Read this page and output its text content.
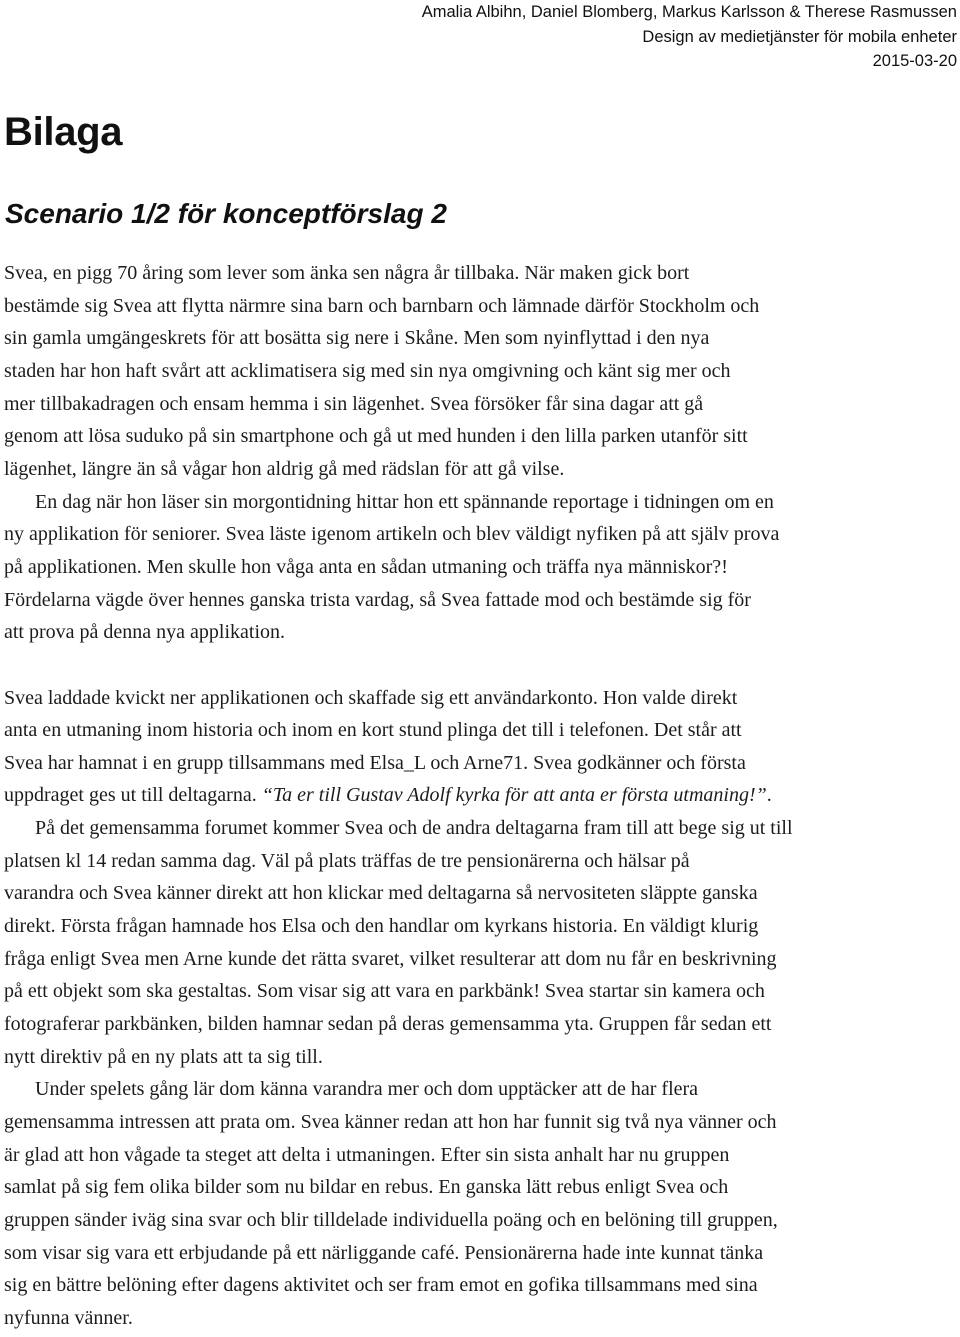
Amalia Albihn, Daniel Blomberg, Markus Karlsson & Therese Rasmussen
Design av medietjänster för mobila enheter
2015-03-20
Bilaga
Scenario 1/2 för konceptförslag 2

Svea, en pigg 70 åring som lever som änka sen några år tillbaka. När maken gick bort

bestämde sig Svea att flytta närmre sina barn och barnbarn och lämnade därför Stockholm och

sin gamla umgängeskrets för att bosätta sig nere i Skåne. Men som nyinflyttad i den nya

staden har hon haft svårt att acklimatisera sig med sin nya omgivning och känt sig mer och

mer tillbakadragen och ensam hemma i sin lägenhet. Svea försöker får sina dagar att gå

genom att lösa suduko på sin smartphone och gå ut med hunden i den lilla parken utanför sitt

lägenhet, längre än så vågar hon aldrig gå med rädslan för att gå vilse.

En dag när hon läser sin morgontidning hittar hon ett spännande reportage i tidningen om en

ny applikation för seniorer. Svea läste igenom artikeln och blev väldigt nyfiken på att själv prova

på applikationen. Men skulle hon våga anta en sådan utmaning och träffa nya människor?!

Fördelarna vägde över hennes ganska trista vardag, så Svea fattade mod och bestämde sig för

att prova på denna nya applikation.

Svea laddade kvickt ner applikationen och skaffade sig ett användarkonto. Hon valde direkt

anta en utmaning inom historia och inom en kort stund plinga det till i telefonen. Det står att

Svea har hamnat i en grupp tillsammans med Elsa_L och Arne71. Svea godkänner och första

uppdraget ges ut till deltagarna. “Ta er till Gustav Adolf kyrka för att anta er första utmaning!”.

På det gemensamma forumet kommer Svea och de andra deltagarna fram till att bege sig ut till

platsen kl 14 redan samma dag. Väl på plats träffas de tre pensionärerna och hälsar på

varandra och Svea känner direkt att hon klickar med deltagarna så nervositeten släppte ganska

direkt. Första frågan hamnade hos Elsa och den handlar om kyrkans historia. En väldigt klurig

fråga enligt Svea men Arne kunde det rätta svaret, vilket resulterar att dom nu får en beskrivning

på ett objekt som ska gestaltas. Som visar sig att vara en parkbänk! Svea startar sin kamera och

fotograferar parkbänken, bilden hamnar sedan på deras gemensamma yta. Gruppen får sedan ett

nytt direktiv på en ny plats att ta sig till.

Under spelets gång lär dom känna varandra mer och dom upptäcker att de har flera

gemensamma intressen att prata om. Svea känner redan att hon har funnit sig två nya vänner och

är glad att hon vågade ta steget att delta i utmaningen. Efter sin sista anhalt har nu gruppen

samlat på sig fem olika bilder som nu bildar en rebus. En ganska lätt rebus enligt Svea och

gruppen sänder iväg sina svar och blir tilldelade individuella poäng och en belöning till gruppen,

som visar sig vara ett erbjudande på ett närliggande café. Pensionärerna hade inte kunnat tänka

sig en bättre belöning efter dagens aktivitet och ser fram emot en gofika tillsammans med sina

nyfunna vänner.
